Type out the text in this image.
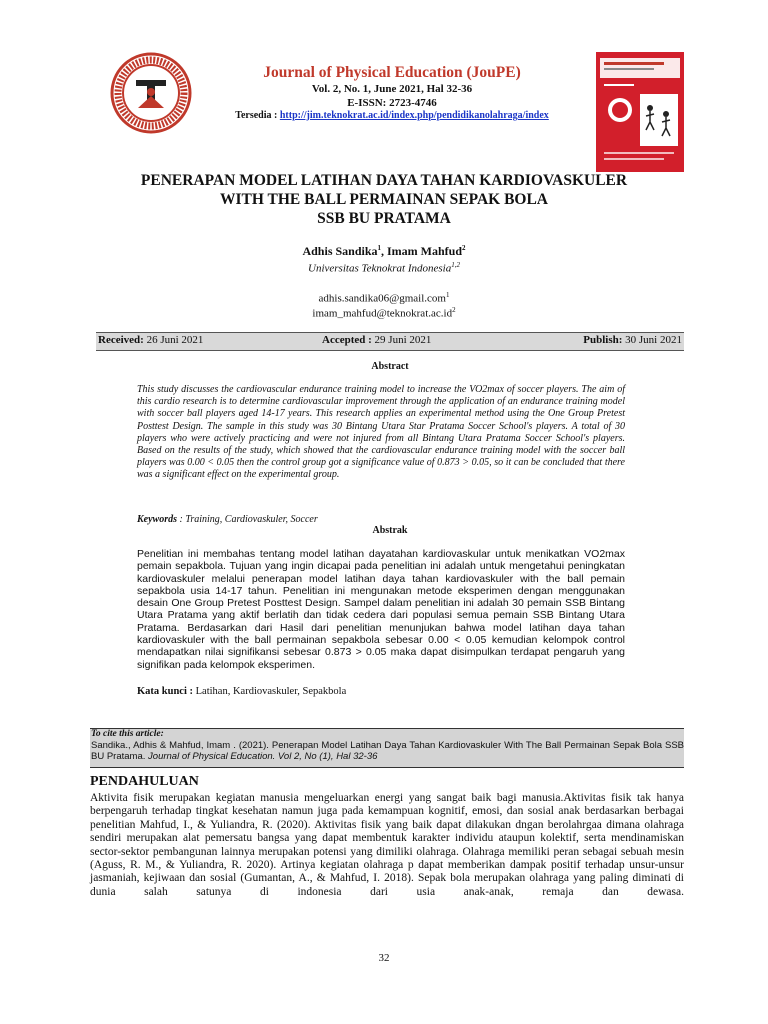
Journal of Physical Education (JouPE)
Vol. 2, No. 1, June 2021, Hal 32-36
E-ISSN: 2723-4746
Tersedia : http://jim.teknokrat.ac.id/index.php/pendidikanolahraga/index
PENERAPAN MODEL LATIHAN DAYA TAHAN KARDIOVASKULER
WITH THE BALL PERMAINAN SEPAK BOLA
SSB BU PRATAMA
Adhis Sandika$^1$, Imam Mahfud$^2$
Universitas Teknokrat Indonesia$^{1,2}$
adhis.sandika06@gmail.com$^1$
$imam\_mahfud@teknokrat.ac.id^2$
Received: 26 Juni 2021	Accepted : 29 Juni 2021	Publish: 30 Juni 2021
Abstract
This study discusses the cardiovascular endurance training model to increase the VO2max of soccer players. The aim of this cardio research is to determine cardiovascular improvement through the application of an endurance training model with soccer ball players aged 14-17 years. This research applies an experimental method using the One Group Pretest Posttest Design. The sample in this study was 30 Bintang Utara Star Pratama Soccer School's players. A total of 30 players who were actively practicing and were not injured from all Bintang Utara Pratama Soccer School's players. Based on the results of the study, which showed that the cardiovascular endurance training model with the soccer ball players was 0.00 < 0.05 then the control group got a significance value of 0.873 > 0.05, so it can be concluded that there was a significant effect on the experimental group.
Keywords : Training, Cardiovaskuler, Soccer
Abstrak
Penelitian ini membahas tentang model latihan dayatahan kardiovaskular untuk menikatkan VO2max pemain sepakbola. Tujuan yang ingin dicapai pada penelitian ini adalah untuk mengetahui peningkatan kardiovaskuler melalui penerapan model latihan daya tahan kardiovaskuler with the ball pemain sepakbola usia 14-17 tahun. Penelitian ini mengunakan metode eksperimen dengan menggunakan desain One Group Pretest Posttest Design. Sampel dalam penelitian ini adalah 30 pemain SSB Bintang Utara Pratama yang aktif berlatih dan tidak cedera dari populasi semua pemain SSB Bintang Utara Pratama. Berdasarkan dari Hasil dari penelitian menunjukan bahwa model latihan daya tahan kardiovaskuler with the ball permainan sepakbola sebesar 0.00 < 0.05 kemudian kelompok control mendapatkan nilai signifikansi sebesar 0.873 > 0.05 maka dapat disimpulkan terdapat pengaruh yang signifikan pada kelompok eksperimen.
Kata kunci : Latihan, Kardiovaskuler, Sepakbola
To cite this article:
Sandika., Adhis & Mahfud, Imam . (2021). Penerapan Model Latihan Daya Tahan Kardiovaskuler With The Ball Permainan Sepak Bola SSB BU Pratama. Journal of Physical Education. Vol 2, No (1), Hal 32-36
PENDAHULUAN
Aktivita fisik merupakan kegiatan manusia mengeluarkan energi yang sangat baik bagi manusia.Aktivitas fisik tak hanya berpengaruh terhadap tingkat kesehatan namun juga pada kemampuan kognitif, emosi, dan sosial anak berdasarkan berbagai penelitian Mahfud, I., & Yuliandra, R. (2020). Aktivitas fisik yang baik dapat dilakukan dngan berolahrgaa dimana olahraga sendiri merupakan alat pemersatu bangsa yang dapat membentuk karakter individu ataupun kolektif, serta mendinamiskan sector-sektor pembangunan lainnya merupakan potensi yang dimiliki olahraga. Olahraga memiliki peran sebagai sebuah mesin (Aguss, R. M., & Yuliandra, R. 2020). Artinya kegiatan olahraga p dapat memberikan dampak positif terhadap unsur-unsur jasmaniah, kejiwaan dan sosial (Gumantan, A., & Mahfud, I. 2018). Sepak bola merupakan olahraga yang paling diminati di dunia salah satunya di indonesia dari usia anak-anak, remaja dan dewasa.
32
